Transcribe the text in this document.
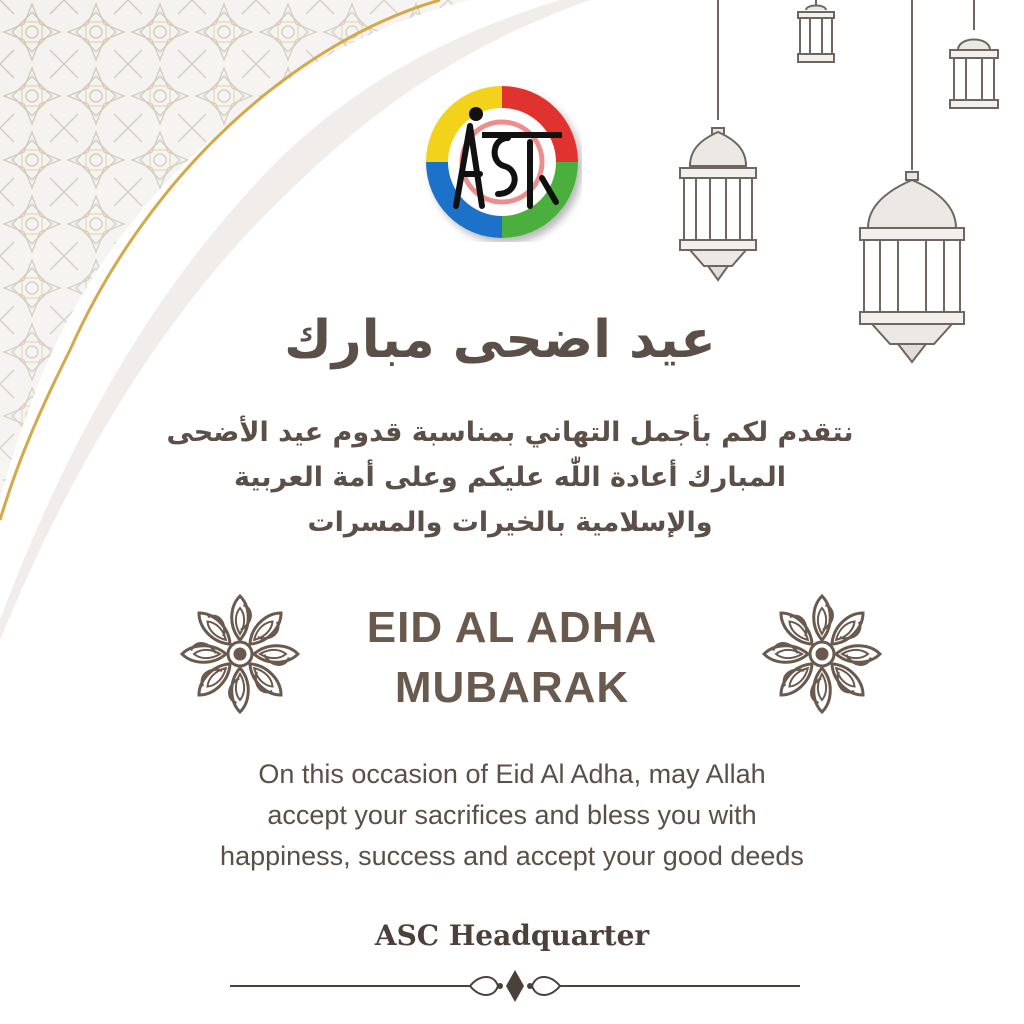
عيد اضحى مبارك
نتقدم لكم بأجمل التهاني بمناسبة قدوم عيد الأضحى
المبارك أعادة اللّٰه عليكم وعلى أمة العربية
والإسلامية بالخيرات والمسرات
EID AL ADHA
MUBARAK
On this occasion of Eid Al Adha, may Allah
accept your sacrifices and bless you with
happiness, success and accept your good deeds
ASC Headquarter
